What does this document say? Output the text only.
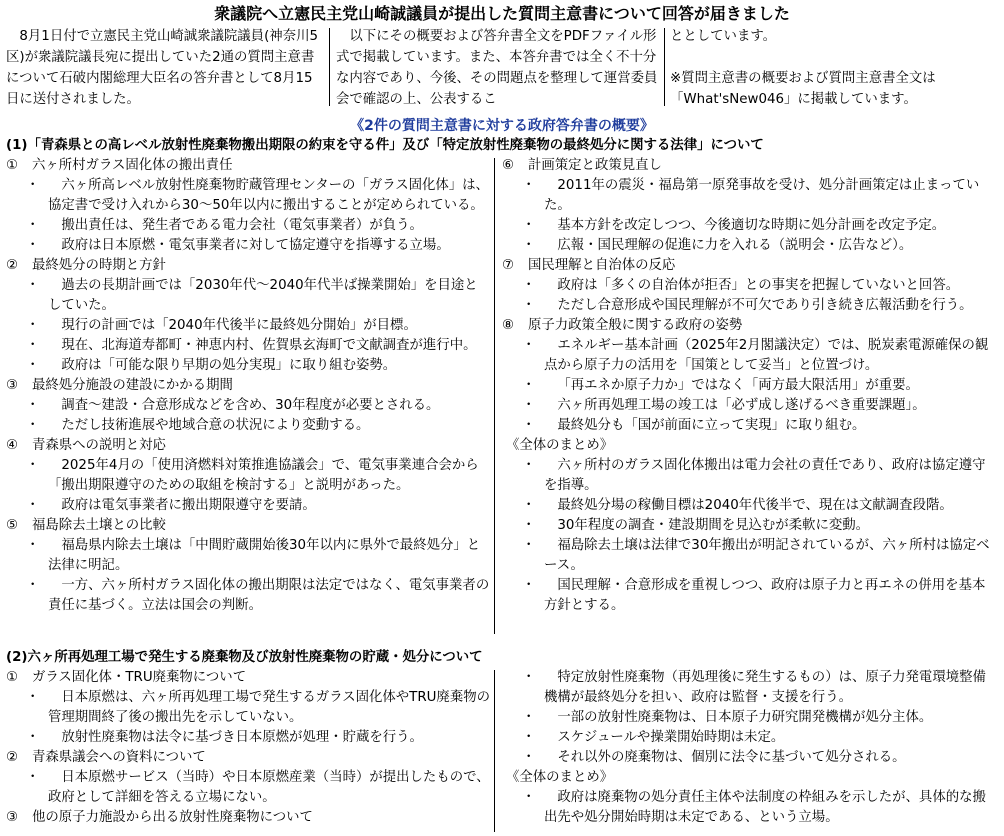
衆議院へ立憲民主党山崎誠議員が提出した質問主意書について回答が届きました

8月1日付で立憲民主党山崎誠衆議院議員(神奈川5区)が衆議院議長宛に提出していた2通の質問主意書について石破内閣総理大臣名の答弁書として8月15日に送付されました。

以下にその概要および答弁書全文をPDFファイル形式で掲載しています。また、本答弁書では全く不十分な内容であり、今後、その問題点を整理して運営委員会で確認の上、公表するこ

ととしています。

※質問主意書の概要および質問主意書全文は「What'sNew046」に掲載しています。

《2件の質問主意書に対する政府答弁書の概要》
(1)「青森県との高レベル放射性廃棄物搬出期限の約束を守る件」及び「特定放射性廃棄物の最終処分に関する法律」について
①	六ヶ所村ガラス固化体の搬出責任
・	六ヶ所高レベル放射性廃棄物貯蔵管理センターの「ガラス固化体」は、協定書で受け入れから30〜50年以内に搬出することが定められている。
・	搬出責任は、発生者である電力会社（電気事業者）が負う。
・	政府は日本原燃・電気事業者に対して協定遵守を指導する立場。
②	最終処分の時期と方針
・	過去の長期計画では「2030年代〜2040年代半ば操業開始」を目途としていた。
・	現行の計画では「2040年代後半に最終処分開始」が目標。
・	現在、北海道寿都町・神恵内村、佐賀県玄海町で文献調査が進行中。
・	政府は「可能な限り早期の処分実現」に取り組む姿勢。
③	最終処分施設の建設にかかる期間
・	調査〜建設・合意形成などを含め、30年程度が必要とされる。
・	ただし技術進展や地域合意の状況により変動する。
④	青森県への説明と対応
・	2025年4月の「使用済燃料対策推進協議会」で、電気事業連合会から「搬出期限遵守のための取組を検討する」と説明があった。
・	政府は電気事業者に搬出期限遵守を要請。
⑤	福島除去土壌との比較
・	福島県内除去土壌は「中間貯蔵開始後30年以内に県外で最終処分」と法律に明記。
・	一方、六ヶ所村ガラス固化体の搬出期限は法定ではなく、電気事業者の責任に基づく。立法は国会の判断。
⑥	計画策定と政策見直し
・	2011年の震災・福島第一原発事故を受け、処分計画策定は止まっていた。
・	基本方針を改定しつつ、今後適切な時期に処分計画を改定予定。
・	広報・国民理解の促進に力を入れる（説明会・広告など）。
⑦	国民理解と自治体の反応
・	政府は「多くの自治体が拒否」との事実を把握していないと回答。
・	ただし合意形成や国民理解が不可欠であり引き続き広報活動を行う。
⑧	原子力政策全般に関する政府の姿勢
・	エネルギー基本計画（2025年2月閣議決定）では、脱炭素電源確保の観点から原子力の活用を「国策として妥当」と位置づけ。
・	「再エネか原子力か」ではなく「両方最大限活用」が重要。
・	六ヶ所再処理工場の竣工は「必ず成し遂げるべき重要課題」。
・	最終処分も「国が前面に立って実現」に取り組む。
《全体のまとめ》
・	六ヶ所村のガラス固化体搬出は電力会社の責任であり、政府は協定遵守を指導。
・	最終処分場の稼働目標は2040年代後半で、現在は文献調査段階。
・	30年程度の調査・建設期間を見込むが柔軟に変動。
・	福島除去土壌は法律で30年搬出が明記されているが、六ヶ所村は協定ベース。
・	国民理解・合意形成を重視しつつ、政府は原子力と再エネの併用を基本方針とする。
(2)六ヶ所再処理工場で発生する廃棄物及び放射性廃棄物の貯蔵・処分について
①	ガラス固化体・TRU廃棄物について
・	日本原燃は、六ヶ所再処理工場で発生するガラス固化体やTRU廃棄物の管理期間終了後の搬出先を示していない。
・	放射性廃棄物は法令に基づき日本原燃が処理・貯蔵を行う。
②	青森県議会への資料について
・	日本原燃サービス（当時）や日本原燃産業（当時）が提出したもので、政府として詳細を答える立場にない。
③	他の原子力施設から出る放射性廃棄物について
・	特定放射性廃棄物（再処理後に発生するもの）は、原子力発電環境整備機構が最終処分を担い、政府は監督・支援を行う。
・	一部の放射性廃棄物は、日本原子力研究開発機構が処分主体。
・	スケジュールや操業開始時期は未定。
・	それ以外の廃棄物は、個別に法令に基づいて処分される。
《全体のまとめ》
・	政府は廃棄物の処分責任主体や法制度の枠組みを示したが、具体的な搬出先や処分開始時期は未定である、という立場。
